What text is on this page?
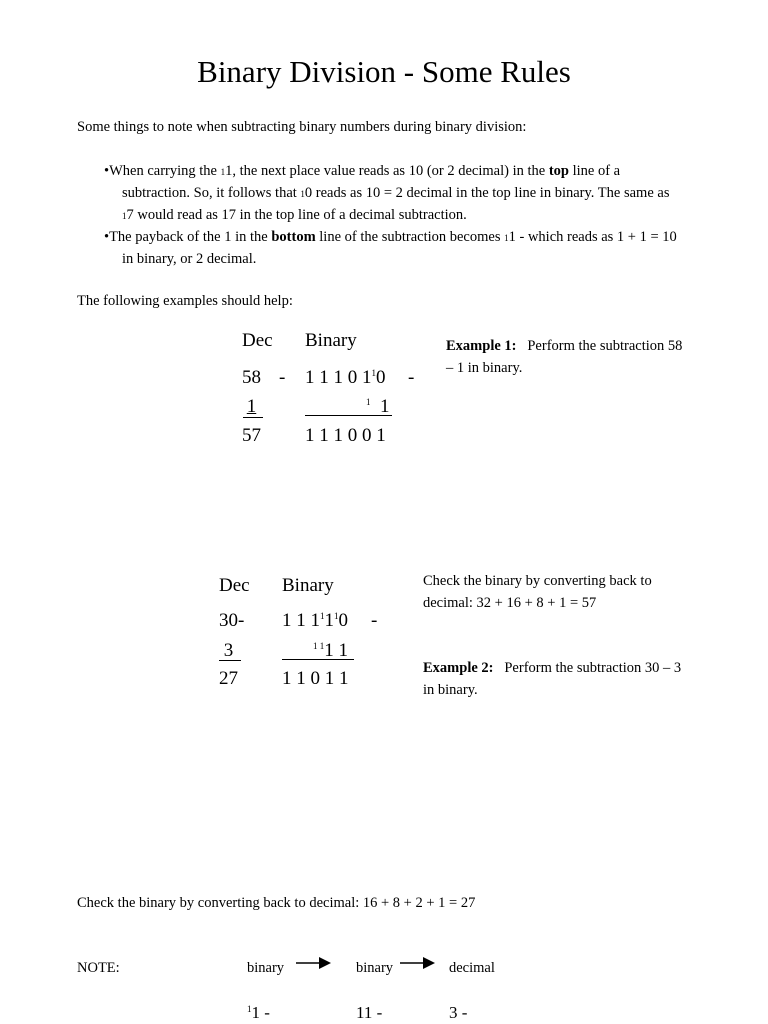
Binary Division - Some Rules
Some things to note when subtracting binary numbers during binary division:
•When carrying the $^1$1, the next place value reads as 10 (or 2 decimal) in the top line of a
subtraction. So, it follows that $^1$0 reads as 10 = 2 decimal in the top line in binary. The same as
$^1$7 would read as 17 in the top line of a decimal subtraction.
•The payback of the 1 in the bottom line of the subtraction becomes $^1$1 - which reads as 1 + 1 = 10
in binary, or 2 decimal.
The following examples should help:
Dec Binary
58 - 1 1 1 0 $1^10$ -
1	$^1$ 1
57 1 1 1 0 0 1
Example 1: Perform the subtraction 58
– 1 in binary.
Check the binary by converting back to
decimal: 32 + 16 + 8 + 1 = 57
Dec Binary
30- 1 1 $1^11^10$ -
3	$^{1 1}$1 1
27 1 1 0 1 1	Example 2: Perform the subtraction 30 – 3
in binary.
Check the binary by converting back to decimal: 16 + 8 + 2 + 1 = 27
NOTE:	binary	binary	decimal
$^1$1 -	11 -	3 -
